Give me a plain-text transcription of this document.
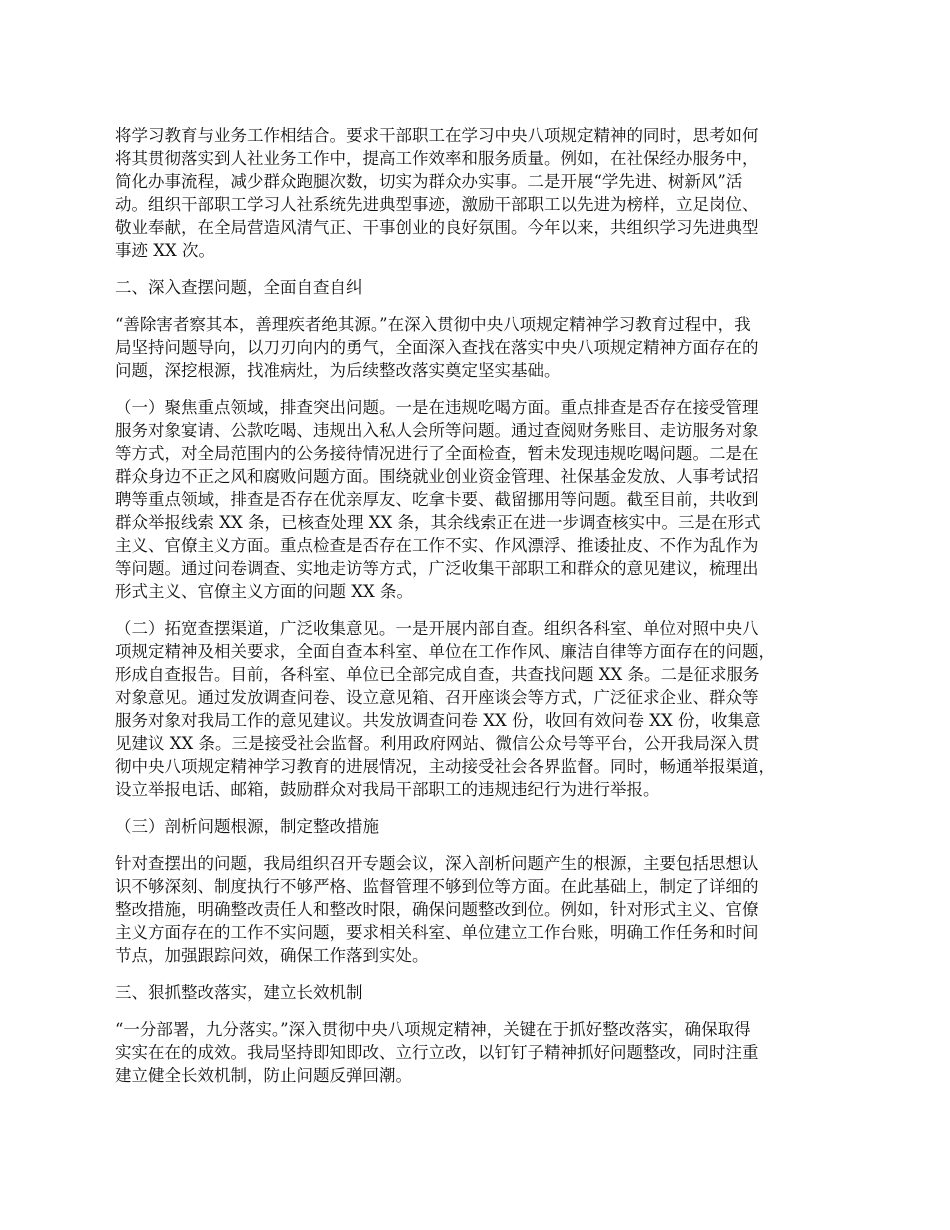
将学习教育与业务工作相结合。要求干部职工在学习中央八项规定精神的同时，思考如何
将其贯彻落实到人社业务工作中，提高工作效率和服务质量。例如，在社保经办服务中，
简化办事流程，减少群众跑腿次数，切实为群众办实事。二是开展“学先进、树新风”活
动。组织干部职工学习人社系统先进典型事迹，激励干部职工以先进为榜样，立足岗位、
敬业奉献，在全局营造风清气正、干事创业的良好氛围。今年以来，共组织学习先进典型
事迹 XX 次。
二、深入查摆问题，全面自查自纠
“善除害者察其本，善理疾者绝其源。”在深入贯彻中央八项规定精神学习教育过程中，我
局坚持问题导向，以刀刃向内的勇气，全面深入查找在落实中央八项规定精神方面存在的
问题，深挖根源，找准病灶，为后续整改落实奠定坚实基础。
（一）聚焦重点领域，排查突出问题。一是在违规吃喝方面。重点排查是否存在接受管理
服务对象宴请、公款吃喝、违规出入私人会所等问题。通过查阅财务账目、走访服务对象
等方式，对全局范围内的公务接待情况进行了全面检查，暂未发现违规吃喝问题。二是在
群众身边不正之风和腐败问题方面。围绕就业创业资金管理、社保基金发放、人事考试招
聘等重点领域，排查是否存在优亲厚友、吃拿卡要、截留挪用等问题。截至目前，共收到
群众举报线索 XX 条，已核查处理 XX 条，其余线索正在进一步调查核实中。三是在形式
主义、官僚主义方面。重点检查是否存在工作不实、作风漂浮、推诿扯皮、不作为乱作为
等问题。通过问卷调查、实地走访等方式，广泛收集干部职工和群众的意见建议，梳理出
形式主义、官僚主义方面的问题 XX 条。
（二）拓宽查摆渠道，广泛收集意见。一是开展内部自查。组织各科室、单位对照中央八
项规定精神及相关要求，全面自查本科室、单位在工作作风、廉洁自律等方面存在的问题，
形成自查报告。目前，各科室、单位已全部完成自查，共查找问题 XX 条。二是征求服务
对象意见。通过发放调查问卷、设立意见箱、召开座谈会等方式，广泛征求企业、群众等
服务对象对我局工作的意见建议。共发放调查问卷 XX 份，收回有效问卷 XX 份，收集意
见建议 XX 条。三是接受社会监督。利用政府网站、微信公众号等平台，公开我局深入贯
彻中央八项规定精神学习教育的进展情况，主动接受社会各界监督。同时，畅通举报渠道，
设立举报电话、邮箱，鼓励群众对我局干部职工的违规违纪行为进行举报。
（三）剖析问题根源，制定整改措施
针对查摆出的问题，我局组织召开专题会议，深入剖析问题产生的根源，主要包括思想认
识不够深刻、制度执行不够严格、监督管理不够到位等方面。在此基础上，制定了详细的
整改措施，明确整改责任人和整改时限，确保问题整改到位。例如，针对形式主义、官僚
主义方面存在的工作不实问题，要求相关科室、单位建立工作台账，明确工作任务和时间
节点，加强跟踪问效，确保工作落到实处。
三、狠抓整改落实，建立长效机制
“一分部署，九分落实。”深入贯彻中央八项规定精神，关键在于抓好整改落实，确保取得
实实在在的成效。我局坚持即知即改、立行立改，以钉钉子精神抓好问题整改，同时注重
建立健全长效机制，防止问题反弹回潮。
